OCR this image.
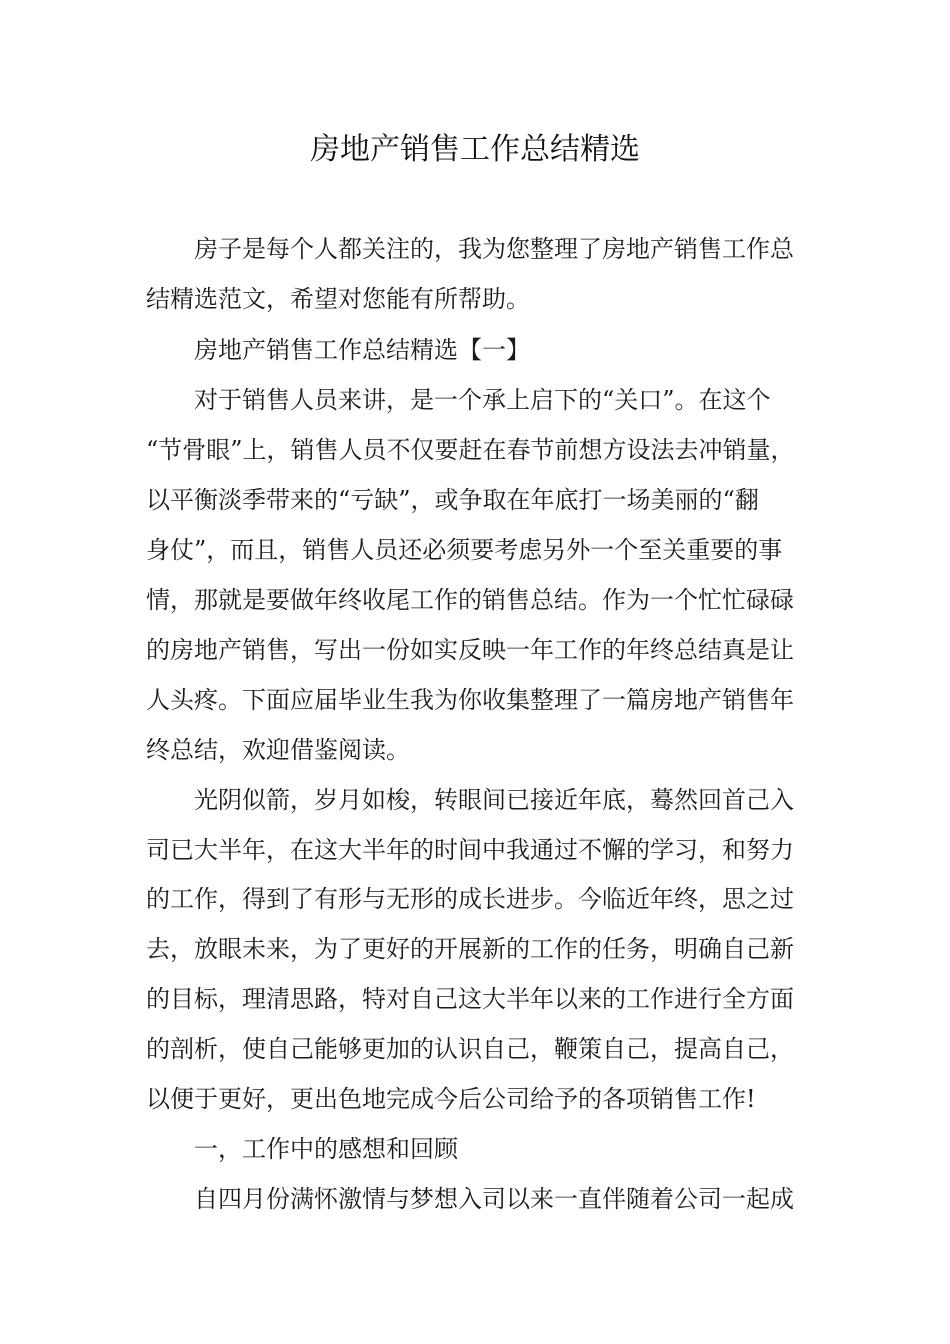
房地产销售工作总结精选
房子是每个人都关注的，我为您整理了房地产销售工作总
结精选范文，希望对您能有所帮助。
房地产销售工作总结精选【一】
对于销售人员来讲，是一个承上启下的“关口”。在这个
“节骨眼”上，销售人员不仅要赶在春节前想方设法去冲销量，
以平衡淡季带来的“亏缺”，或争取在年底打一场美丽的“翻
身仗”，而且，销售人员还必须要考虑另外一个至关重要的事
情，那就是要做年终收尾工作的销售总结。作为一个忙忙碌碌
的房地产销售，写出一份如实反映一年工作的年终总结真是让
人头疼。下面应届毕业生我为你收集整理了一篇房地产销售年
终总结，欢迎借鉴阅读。
光阴似箭，岁月如梭，转眼间已接近年底，蓦然回首己入
司已大半年，在这大半年的时间中我通过不懈的学习，和努力
的工作，得到了有形与无形的成长进步。今临近年终，思之过
去，放眼未来，为了更好的开展新的工作的任务，明确自己新
的目标，理清思路，特对自己这大半年以来的工作进行全方面
的剖析，使自己能够更加的认识自己，鞭策自己，提高自己，
以便于更好，更出色地完成今后公司给予的各项销售工作!
一，工作中的感想和回顾
自四月份满怀激情与梦想入司以来一直伴随着公司一起成
